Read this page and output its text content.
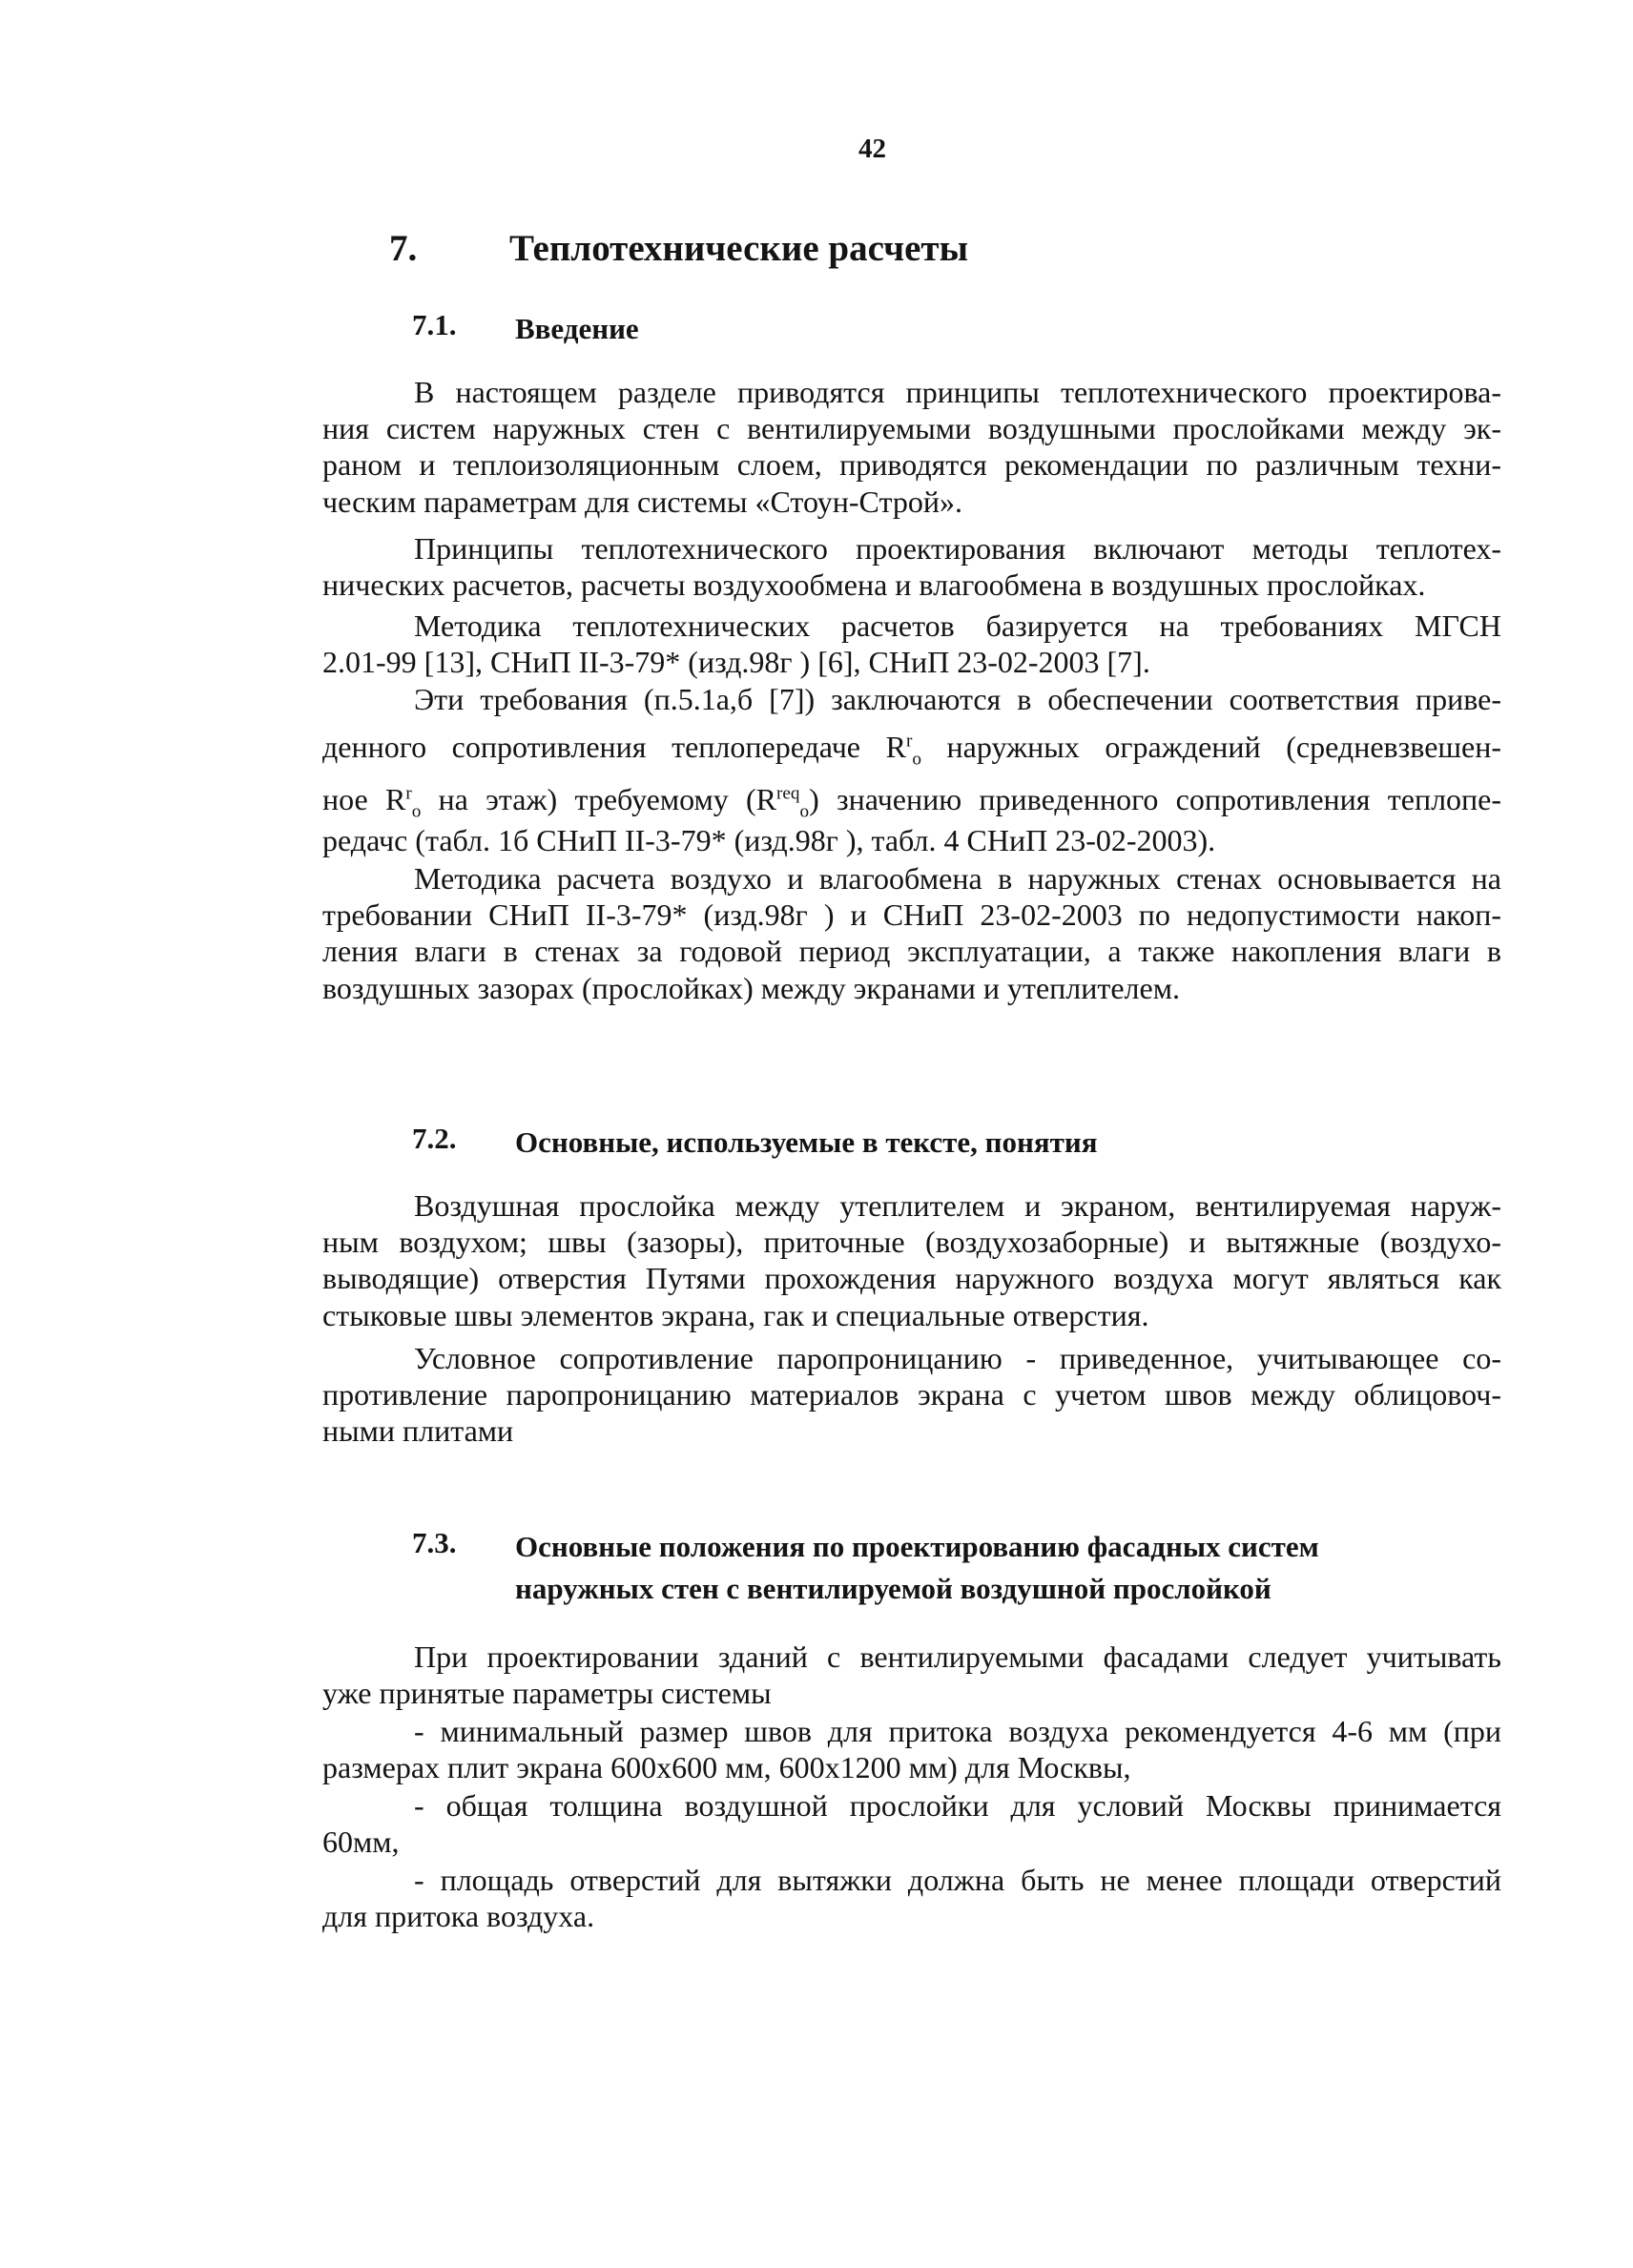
42
7. Теплотехнические расчеты
7.1. Введение
В настоящем разделе приводятся принципы теплотехнического проектирова-
ния систем наружных стен с вентилируемыми воздушными прослойками между эк-
раном и теплоизоляционным слоем, приводятся рекомендации по различным техни-
ческим параметрам для системы «Стоун-Строй».
Принципы теплотехнического проектирования включают методы теплотех-
нических расчетов, расчеты воздухообмена и влагообмена в воздушных прослойках.
Методика теплотехнических расчетов базируется на требованиях МГСН
2.01-99 [13], СНиП II-3-79* (изд.98г ) [6], СНиП 23-02-2003 [7].
Эти требования (п.5.1а,б [7]) заключаются в обеспечении соответствия приве-
денного сопротивления теплопередаче $R^r_o$ наружных ограждений (средневзвешен-
ное $R^r_o$ на этаж) требуемому $(R^{req}_o)$ значению приведенного сопротивления теплопе-
редачс (табл. 1б СНиП II-3-79* (изд.98г ), табл. 4 СНиП 23-02-2003).
Методика расчета воздухо и влагообмена в наружных стенах основывается на
требовании СНиП II-3-79* (изд.98г ) и СНиП 23-02-2003 по недопустимости накоп-
ления влаги в стенах за годовой период эксплуатации, а также накопления влаги в
воздушных зазорах (прослойках) между экранами и утеплителем.
7.2. Основные, используемые в тексте, понятия
Воздушная прослойка между утеплителем и экраном, вентилируемая наруж-
ным воздухом; швы (зазоры), приточные (воздухозаборные) и вытяжные (воздухо-
выводящие) отверстия Путями прохождения наружного воздуха могут являться как
стыковые швы элементов экрана, гак и специальные отверстия.
Условное сопротивление паропроницанию - приведенное, учитывающее со-
противление паропроницанию материалов экрана с учетом швов между облицовоч-
ными плитами
7.3. Основные положения по проектированию фасадных систем
наружных стен с вентилируемой воздушной прослойкой
При проектировании зданий с вентилируемыми фасадами следует учитывать
уже принятые параметры системы
- минимальный размер швов для притока воздуха рекомендуется 4-6 мм (при
размерах плит экрана 600х600 мм, 600х1200 мм) для Москвы,
- общая толщина воздушной прослойки для условий Москвы принимается
60мм,
- площадь отверстий для вытяжки должна быть не менее площади отверстий
для притока воздуха.
